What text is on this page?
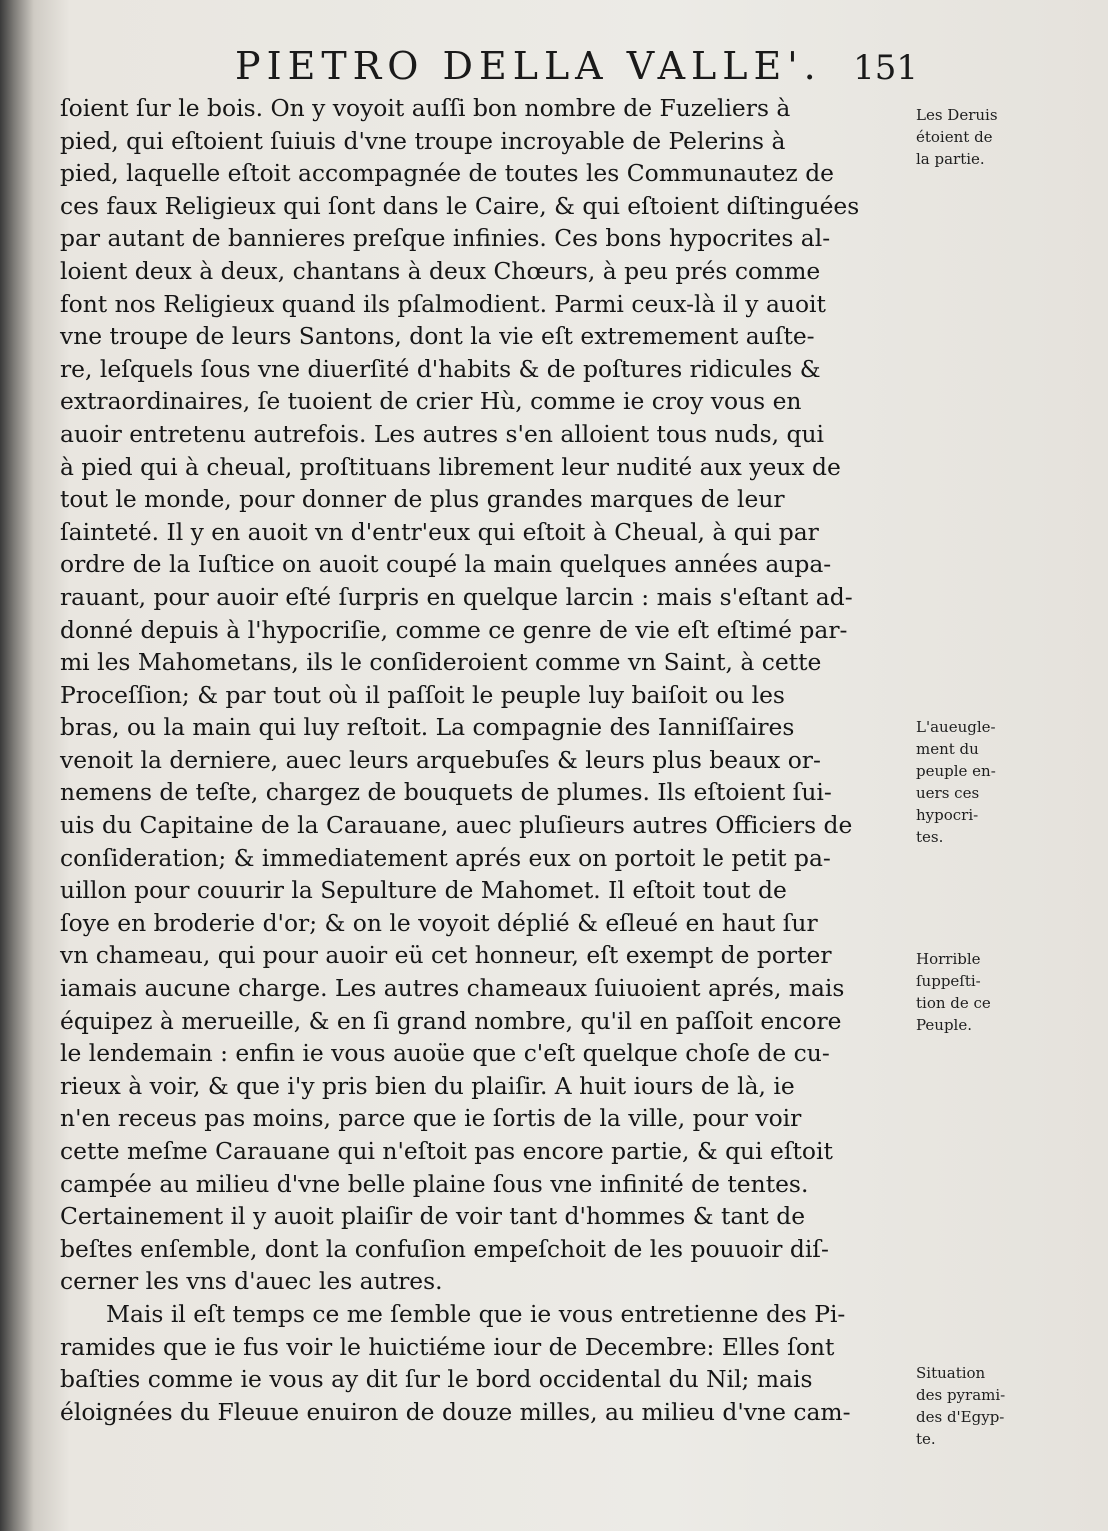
PIETRO DELLA VALLE'. 151
ſoient ſur le bois. On y voyoit auſſi bon nombre de Fuzeliers à
pied, qui eſtoient ſuiuis d'vne troupe incroyable de Pelerins à
pied, laquelle eſtoit accompagnée de toutes les Communautez de
ces faux Religieux qui ſont dans le Caire, & qui eſtoient diſtinguées
par autant de bannieres preſque infinies. Ces bons hypocrites al-
loient deux à deux, chantans à deux Chœurs, à peu prés comme
font nos Religieux quand ils pſalmodient. Parmi ceux-là il y auoit
vne troupe de leurs Santons, dont la vie eſt extremement auſte-
re, leſquels ſous vne diuerſité d'habits & de poſtures ridicules &
extraordinaires, ſe tuoient de crier Hù, comme ie croy vous en
auoir entretenu autrefois. Les autres s'en alloient tous nuds, qui
à pied qui à cheual, proſtituans librement leur nudité aux yeux de
tout le monde, pour donner de plus grandes marques de leur
ſainteté. Il y en auoit vn d'entr'eux qui eſtoit à Cheual, à qui par
ordre de la Iuſtice on auoit coupé la main quelques années aupa-
rauant, pour auoir eſté ſurpris en quelque larcin : mais s'eſtant ad-
donné depuis à l'hypocriſie, comme ce genre de vie eſt eſtimé par-
mi les Mahometans, ils le conſideroient comme vn Saint, à cette
Proceſſion; & par tout où il paſſoit le peuple luy baiſoit ou les
bras, ou la main qui luy reſtoit. La compagnie des Ianniſſaires
venoit la derniere, auec leurs arquebuſes & leurs plus beaux or-
nemens de teſte, chargez de bouquets de plumes. Ils eſtoient ſui-
uis du Capitaine de la Carauane, auec pluſieurs autres Officiers de
conſideration; & immediatement aprés eux on portoit le petit pa-
uillon pour couurir la Sepulture de Mahomet. Il eſtoit tout de
ſoye en broderie d'or; & on le voyoit déplié & eſleué en haut ſur
vn chameau, qui pour auoir eü cet honneur, eſt exempt de porter
iamais aucune charge. Les autres chameaux ſuiuoient aprés, mais
équipez à merueille, & en ſi grand nombre, qu'il en paſſoit encore
le lendemain : enfin ie vous auoüe que c'eſt quelque choſe de cu-
rieux à voir, & que i'y pris bien du plaiſir. A huit iours de là, ie
n'en receus pas moins, parce que ie ſortis de la ville, pour voir
cette meſme Carauane qui n'eſtoit pas encore partie, & qui eſtoit
campée au milieu d'vne belle plaine ſous vne infinité de tentes.
Certainement il y auoit plaiſir de voir tant d'hommes & tant de
beſtes enſemble, dont la confuſion empeſchoit de les pouuoir diſ-
cerner les vns d'auec les autres.
Mais il eſt temps ce me ſemble que ie vous entretienne des Pi-
ramides que ie fus voir le huictiéme iour de Decembre: Elles ſont
baſties comme ie vous ay dit ſur le bord occidental du Nil; mais
éloignées du Fleuue enuiron de douze milles, au milieu d'vne cam-
Les Deruis
étoient de
la partie.
L'aueugle-
ment du
peuple en-
uers ces
hypocri-
tes.
Horrible
ſuppeſti-
tion de ce
Peuple.
Situation
des pyrami-
des d'Egyp-
te.
